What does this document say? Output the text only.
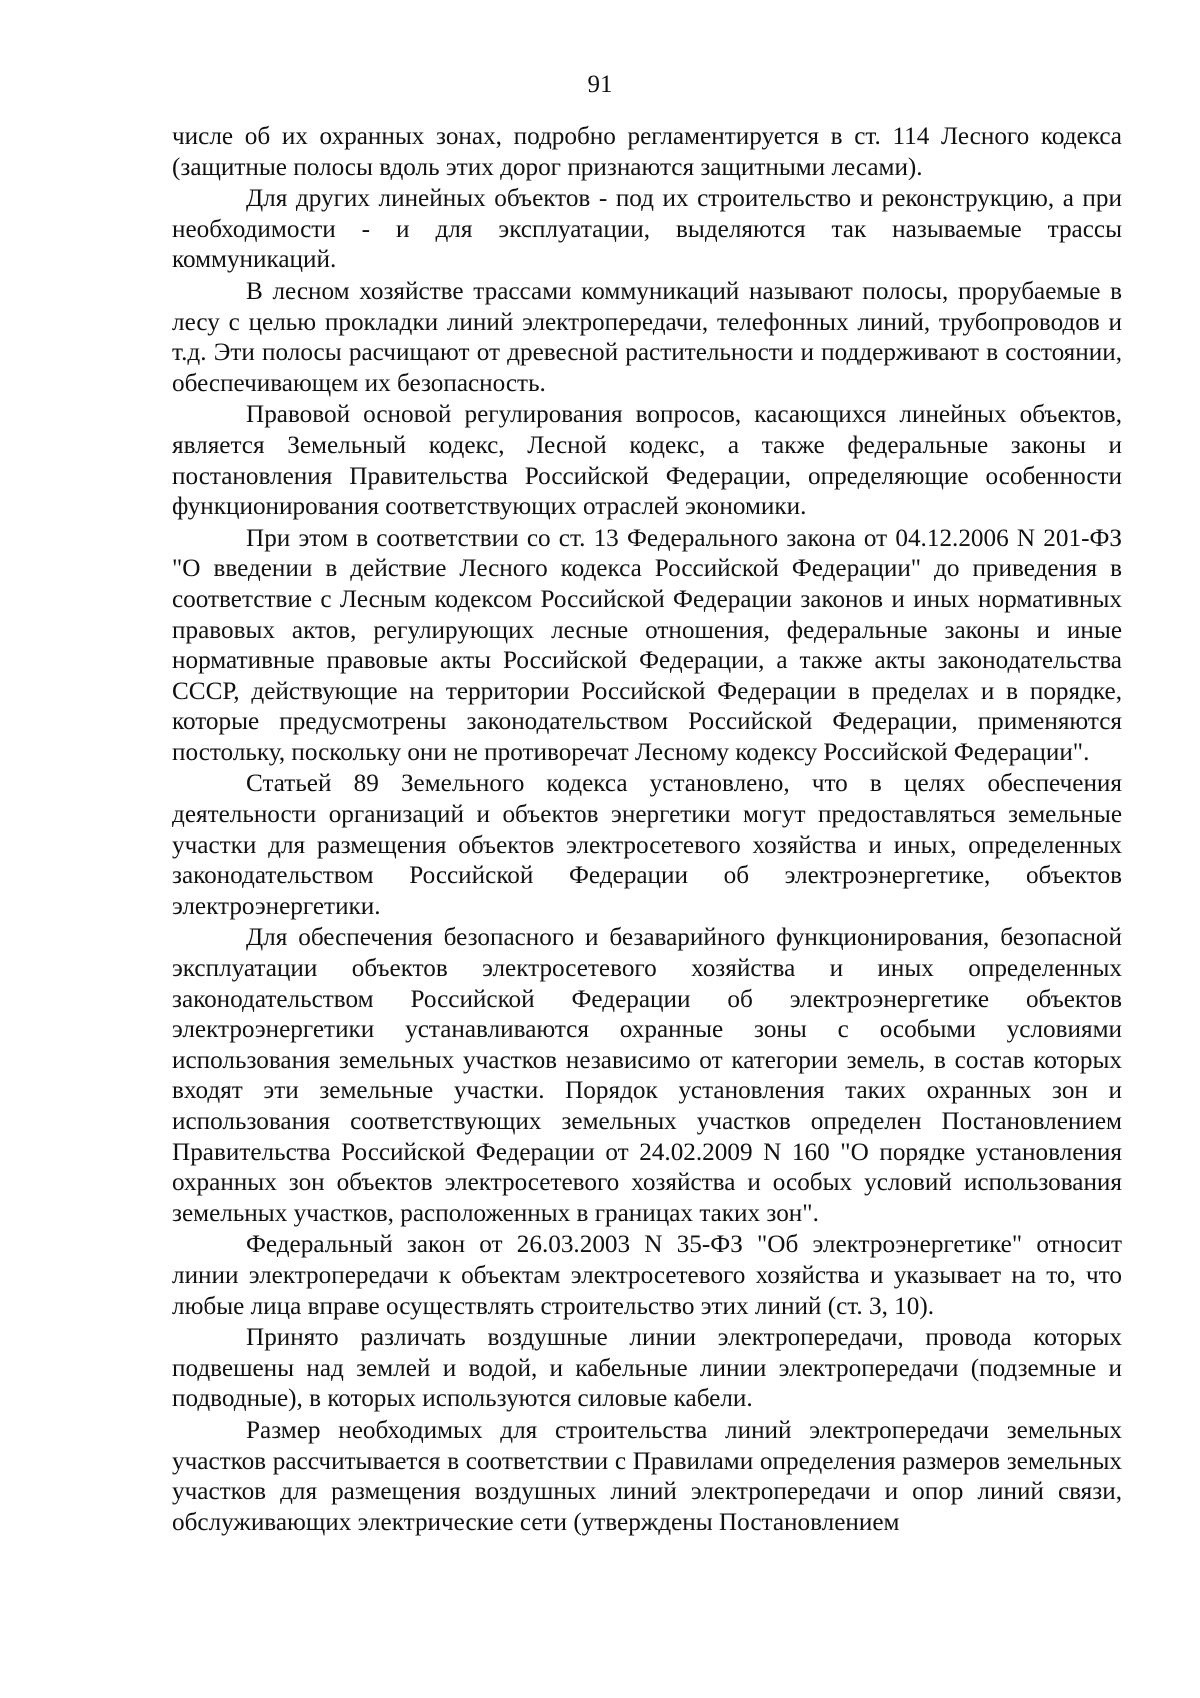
91

числе об их охранных зонах, подробно регламентируется в ст. 114 Лесного кодекса (защитные полосы вдоль этих дорог признаются защитными лесами).

Для других линейных объектов - под их строительство и реконструкцию, а при необходимости - и для эксплуатации, выделяются так называемые трассы коммуникаций.

В лесном хозяйстве трассами коммуникаций называют полосы, прорубаемые в лесу с целью прокладки линий электропередачи, телефонных линий, трубопроводов и т.д. Эти полосы расчищают от древесной растительности и поддерживают в состоянии, обеспечивающем их безопасность.

Правовой основой регулирования вопросов, касающихся линейных объектов, является Земельный кодекс, Лесной кодекс, а также федеральные законы и постановления Правительства Российской Федерации, определяющие особенности функционирования соответствующих отраслей экономики.

При этом в соответствии со ст. 13 Федерального закона от 04.12.2006 N 201-ФЗ "О введении в действие Лесного кодекса Российской Федерации" до приведения в соответствие с Лесным кодексом Российской Федерации законов и иных нормативных правовых актов, регулирующих лесные отношения, федеральные законы и иные нормативные правовые акты Российской Федерации, а также акты законодательства СССР, действующие на территории Российской Федерации в пределах и в порядке, которые предусмотрены законодательством Российской Федерации, применяются постольку, поскольку они не противоречат Лесному кодексу Российской Федерации".

Статьей 89 Земельного кодекса установлено, что в целях обеспечения деятельности организаций и объектов энергетики могут предоставляться земельные участки для размещения объектов электросетевого хозяйства и иных, определенных законодательством Российской Федерации об электроэнергетике, объектов электроэнергетики.

Для обеспечения безопасного и безаварийного функционирования, безопасной эксплуатации объектов электросетевого хозяйства и иных определенных законодательством Российской Федерации об электроэнергетике объектов электроэнергетики устанавливаются охранные зоны с особыми условиями использования земельных участков независимо от категории земель, в состав которых входят эти земельные участки. Порядок установления таких охранных зон и использования соответствующих земельных участков определен Постановлением Правительства Российской Федерации от 24.02.2009 N 160 "О порядке установления охранных зон объектов электросетевого хозяйства и особых условий использования земельных участков, расположенных в границах таких зон".

Федеральный закон от 26.03.2003 N 35-ФЗ "Об электроэнергетике" относит линии электропередачи к объектам электросетевого хозяйства и указывает на то, что любые лица вправе осуществлять строительство этих линий (ст. 3, 10).

Принято различать воздушные линии электропередачи, провода которых подвешены над землей и водой, и кабельные линии электропередачи (подземные и подводные), в которых используются силовые кабели.

Размер необходимых для строительства линий электропередачи земельных участков рассчитывается в соответствии с Правилами определения размеров земельных участков для размещения воздушных линий электропередачи и опор линий связи, обслуживающих электрические сети (утверждены Постановлением
